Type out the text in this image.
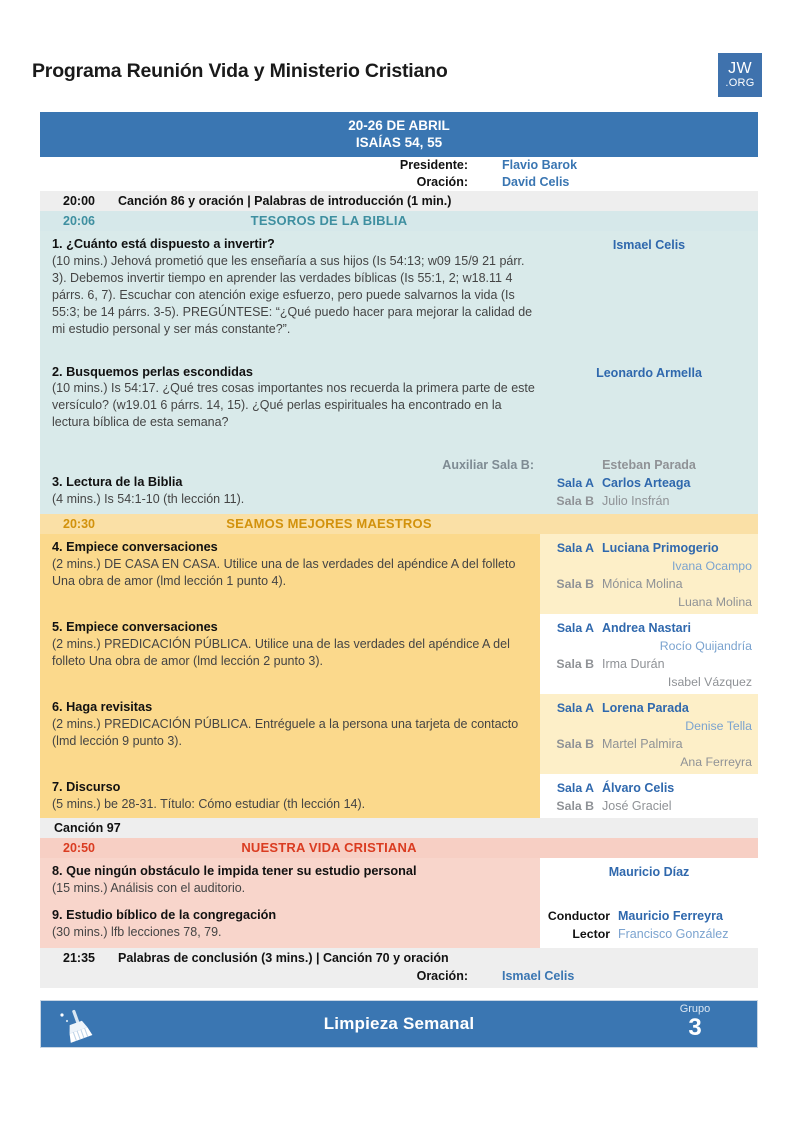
Programa Reunión Vida y Ministerio Cristiano	JW
.ORG
20-26 DE ABRIL
ISAÍAS 54, 55
Presidente:	Flavio Barok
Oración:	David Celis
20:00	Canción 86 y oración | Palabras de introducción (1 min.)
20:06	TESOROS DE LA BIBLIA
1. ¿Cuánto está dispuesto a invertir?
(10 mins.) Jehová prometió que les enseñaría a sus hijos (Is 54:13; w09 15/9 21 párr. 3). Debemos invertir tiempo en aprender las verdades bíblicas (Is 55:1, 2; w18.11 4 párrs. 6, 7). Escuchar con atención exige esfuerzo, pero puede salvarnos la vida (Is 55:3; be 14 párrs. 3-5). PREGÚNTESE: “¿Qué puedo hacer para mejorar la calidad de mi estudio personal y ser más constante?”.
Ismael Celis
2. Busquemos perlas escondidas
(10 mins.) Is 54:17. ¿Qué tres cosas importantes nos recuerda la primera parte de este versículo? (w19.01 6 párrs. 14, 15). ¿Qué perlas espirituales ha encontrado en la lectura bíblica de esta semana?
Leonardo Armella
Auxiliar Sala B:	Esteban Parada
3. Lectura de la Biblia
(4 mins.) Is 54:1-10 (th lección 11).
Sala A Carlos Arteaga
Sala B Julio Insfrán
20:30	SEAMOS MEJORES MAESTROS
4. Empiece conversaciones
(2 mins.) DE CASA EN CASA. Utilice una de las verdades del apéndice A del folleto Una obra de amor (lmd lección 1 punto 4).
Sala A Luciana Primogerio
Ivana Ocampo
Sala B Mónica Molina
Luana Molina
5. Empiece conversaciones
(2 mins.) PREDICACIÓN PÚBLICA. Utilice una de las verdades del apéndice A del folleto Una obra de amor (lmd lección 2 punto 3).
Sala A Andrea Nastari
Rocío Quijandría
Sala B Irma Durán
Isabel Vázquez
6. Haga revisitas
(2 mins.) PREDICACIÓN PÚBLICA. Entréguele a la persona una tarjeta de contacto (lmd lección 9 punto 3).
Sala A Lorena Parada
Denise Tella
Sala B Martel Palmira
Ana Ferreyra
7. Discurso
(5 mins.) be 28-31. Título: Cómo estudiar (th lección 14).
Sala A Álvaro Celis
Sala B José Graciel
Canción 97
20:50	NUESTRA VIDA CRISTIANA
8. Que ningún obstáculo le impida tener su estudio personal
(15 mins.) Análisis con el auditorio.
Mauricio Díaz
9. Estudio bíblico de la congregación
(30 mins.) lfb lecciones 78, 79.
Conductor Mauricio Ferreyra
Lector Francisco González
21:35	Palabras de conclusión (3 mins.) | Canción 70 y oración
Oración:	Ismael Celis
Limpieza Semanal
Grupo
3
